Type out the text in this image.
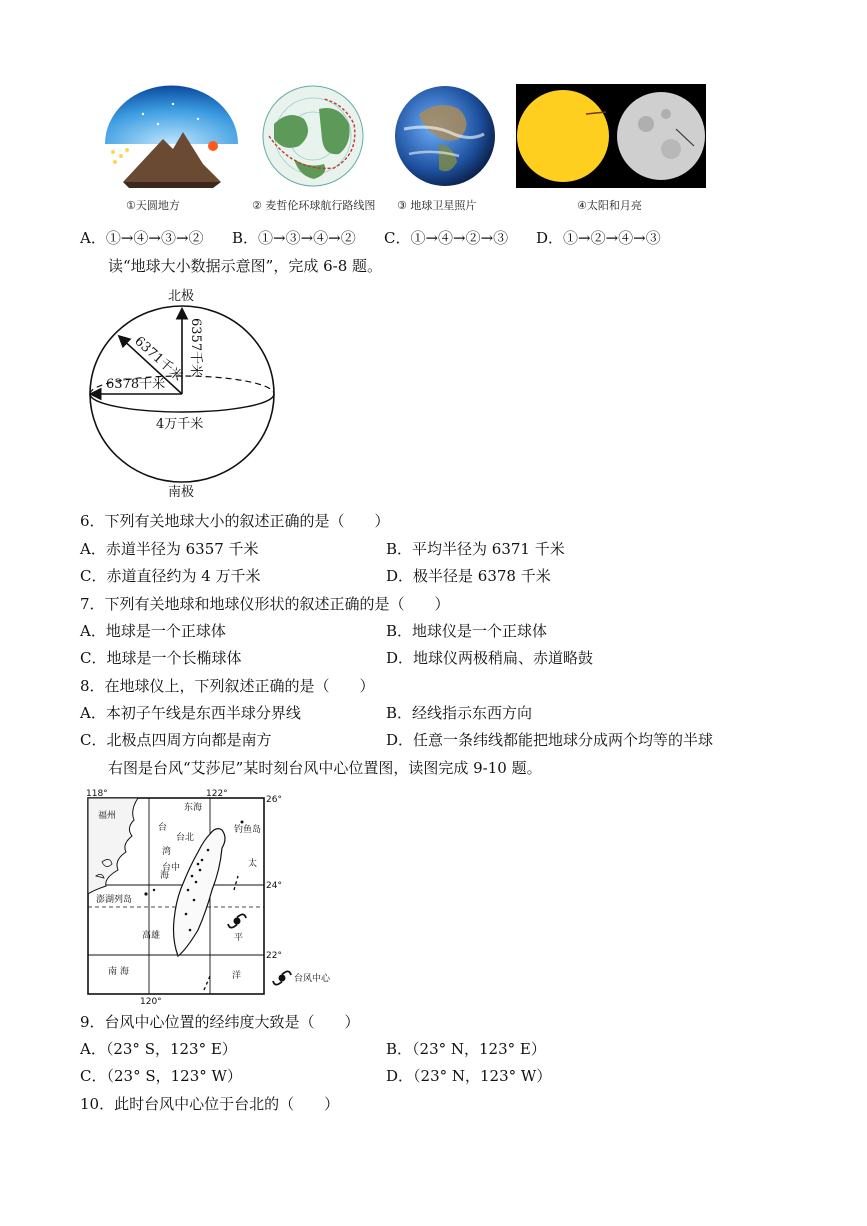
①天圆地方	② 麦哲伦环球航行路线图 ③ 地球卫星照片	④太阳和月亮
A．①→④→③→② B．①→③→④→② C．①→④→②→③ D．①→②→④→③
读“地球大小数据示意图”，完成 6-8 题。
北极
南极
6371千米 6357千米
6378千米
4万千米
6．下列有关地球大小的叙述正确的是（　　）
A．赤道半径为 6357 千米	B．平均半径为 6371 千米
C．赤道直径约为 4 万千米	D．极半径是 6378 千米
7．下列有关地球和地球仪形状的叙述正确的是（　　）
A．地球是一个正球体	B．地球仪是一个正球体
C．地球是一个长椭球体	D．地球仪两极稍扁、赤道略鼓
8．在地球仪上，下列叙述正确的是（　　）
A．本初子午线是东西半球分界线	B．经线指示东西方向
C．北极点四周方向都是南方	D．任意一条纬线都能把地球分成两个均等的半球
右图是台风“艾莎尼”某时刻台风中心位置图，读图完成 9-10 题。
118°
120°
122°
26°
24°
22°
福州
东海
钓鱼岛
台
湾
海
台北
台中
高雄
澎湖列岛
南 海
太
平
洋	台风中心
9．台风中心位置的经纬度大致是（　　）
A．（23° S，123° E）	B．（23° N，123° E）
C．（23° S，123° W）	D．（23° N，123° W）
10．此时台风中心位于台北的（　　）
